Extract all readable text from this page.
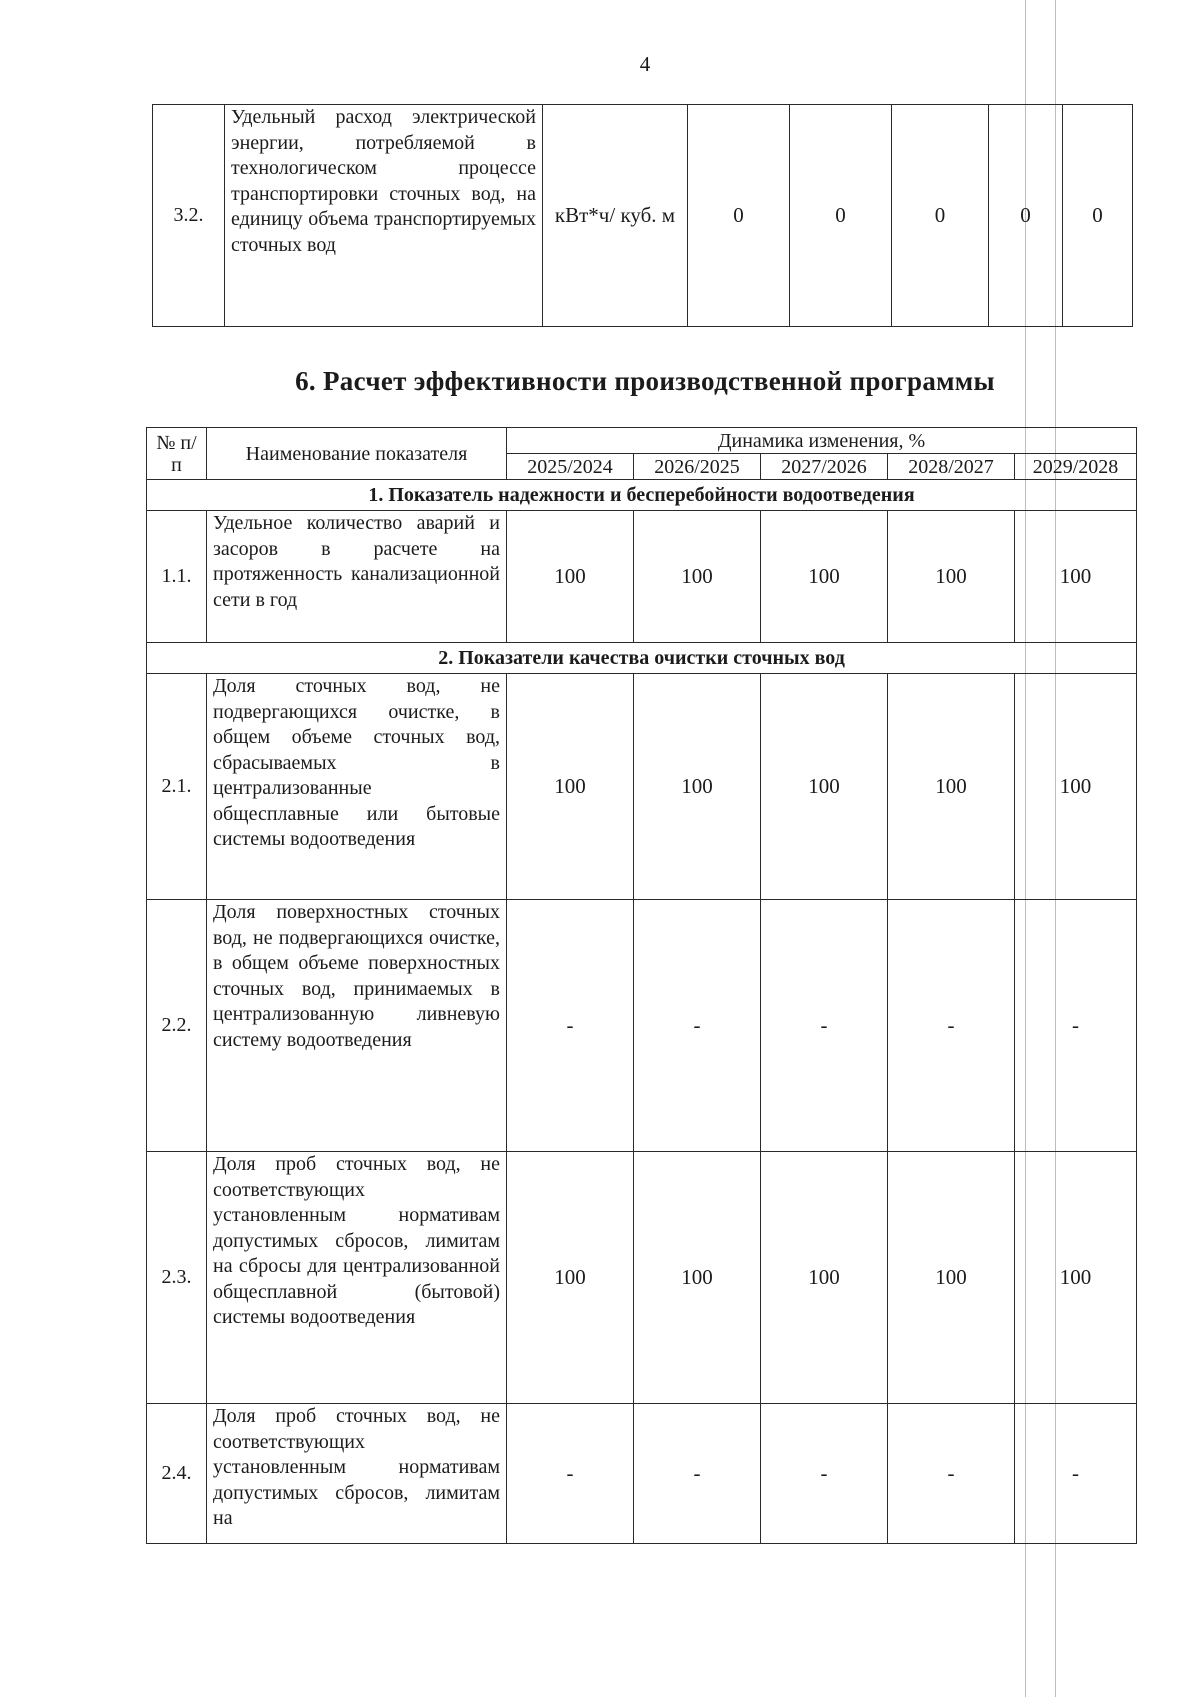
4
3.2.	Удельный расход электрической энергии, потребляемой в технологическом процессе транспортировки сточных вод, на единицу объема транспортируемых сточных вод	кВт*ч/ куб. м	0	0	0	0	0
6. Расчет эффективности производственной программы
№ п/п	Наименование показателя	Динамика изменения, %				
		2025/2024	2026/2025	2027/2026	2028/2027	2029/2028
1. Показатель надежности и бесперебойности водоотведения						
1.1.	Удельное количество аварий и засоров в расчете на протяженность канализационной сети в год	100	100	100	100	100
2. Показатели качества очистки сточных вод						
2.1.	Доля сточных вод, не подвергающихся очистке, в общем объеме сточных вод, сбрасываемых в централизованные общесплавные или бытовые системы водоотведения	100	100	100	100	100
2.2.	Доля поверхностных сточных вод, не подвергающихся очистке, в общем объеме поверхностных сточных вод, принимаемых в централизованную ливневую систему водоотведения	-	-	-	-	-
2.3.	Доля проб сточных вод, не соответствующих установленным нормативам допустимых сбросов, лимитам на сбросы для централизованной общесплавной (бытовой) системы водоотведения	100	100	100	100	100
2.4.	Доля проб сточных вод, не соответствующих установленным нормативам допустимых сбросов, лимитам на	-	-	-	-	-
